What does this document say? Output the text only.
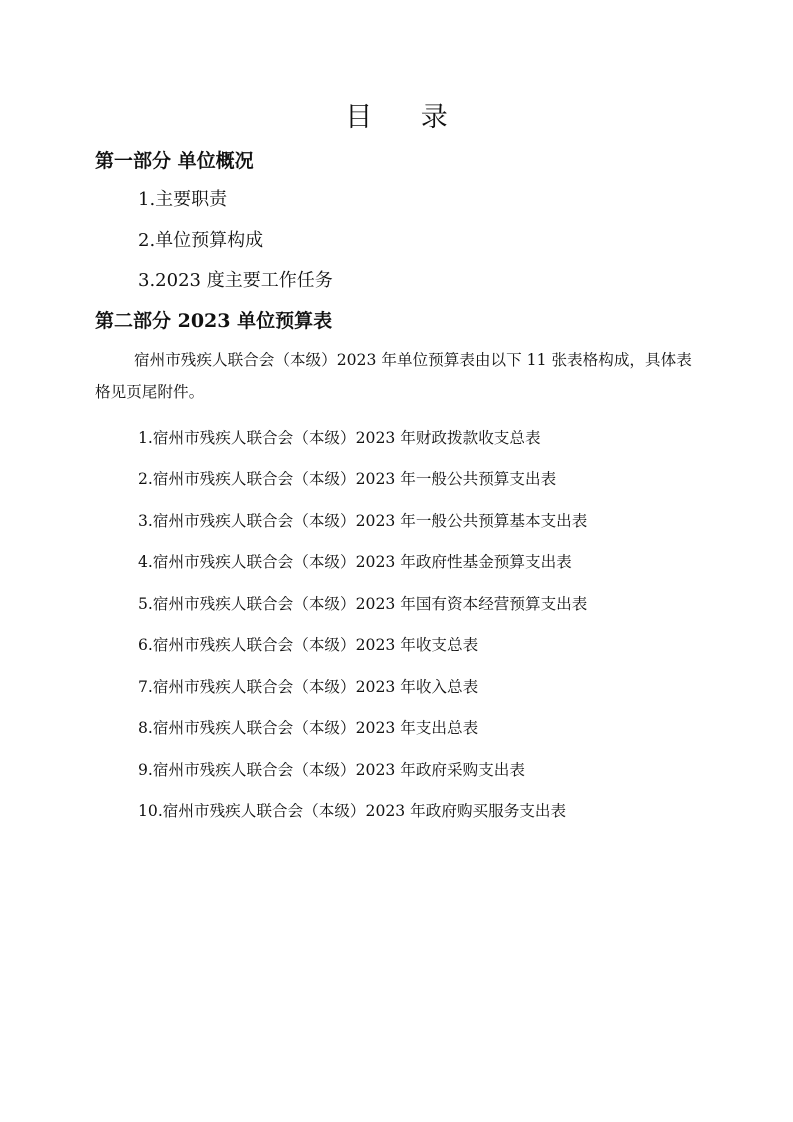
目 录
第一部分 单位概况
1.主要职责
2.单位预算构成
3.2023 度主要工作任务
第二部分 2023 单位预算表
宿州市残疾人联合会（本级）2023 年单位预算表由以下 11 张表格构成，具体表格见页尾附件。
1.宿州市残疾人联合会（本级）2023 年财政拨款收支总表
2.宿州市残疾人联合会（本级）2023 年一般公共预算支出表
3.宿州市残疾人联合会（本级）2023 年一般公共预算基本支出表
4.宿州市残疾人联合会（本级）2023 年政府性基金预算支出表
5.宿州市残疾人联合会（本级）2023 年国有资本经营预算支出表
6.宿州市残疾人联合会（本级）2023 年收支总表
7.宿州市残疾人联合会（本级）2023 年收入总表
8.宿州市残疾人联合会（本级）2023 年支出总表
9.宿州市残疾人联合会（本级）2023 年政府采购支出表
10.宿州市残疾人联合会（本级）2023 年政府购买服务支出表
